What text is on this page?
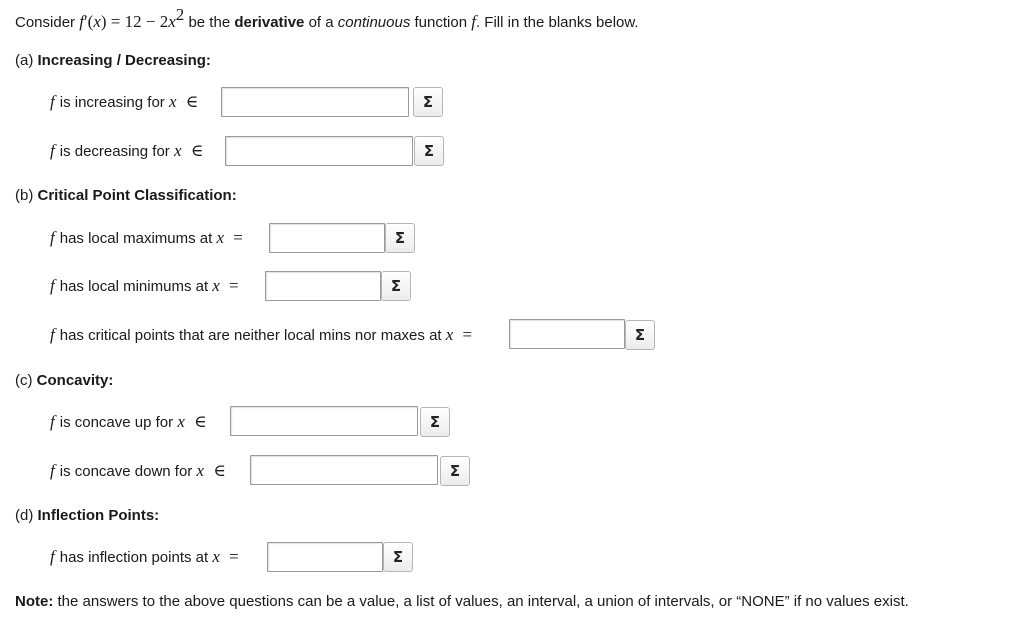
Consider $f'(x) = 12 - 2x^2$ be the derivative of a continuous function f. Fill in the blanks below.
(a) Increasing / Decreasing:
f is increasing for
x
∈	Σ
f is decreasing for
x
∈	Σ
(b) Critical Point Classification:
f has local maximums at
x
=	Σ
f has local minimums at
x
=	Σ
f has critical points that are neither local mins nor maxes at
x
=	Σ
(c) Concavity:
f is concave up for
x
∈	Σ
f is concave down for
x
∈	Σ
(d) Inflection Points:
f has inflection points at
x
=	Σ
Note: the answers to the above questions can be a value, a list of values, an interval, a union of intervals, or “NONE” if no values exist.
